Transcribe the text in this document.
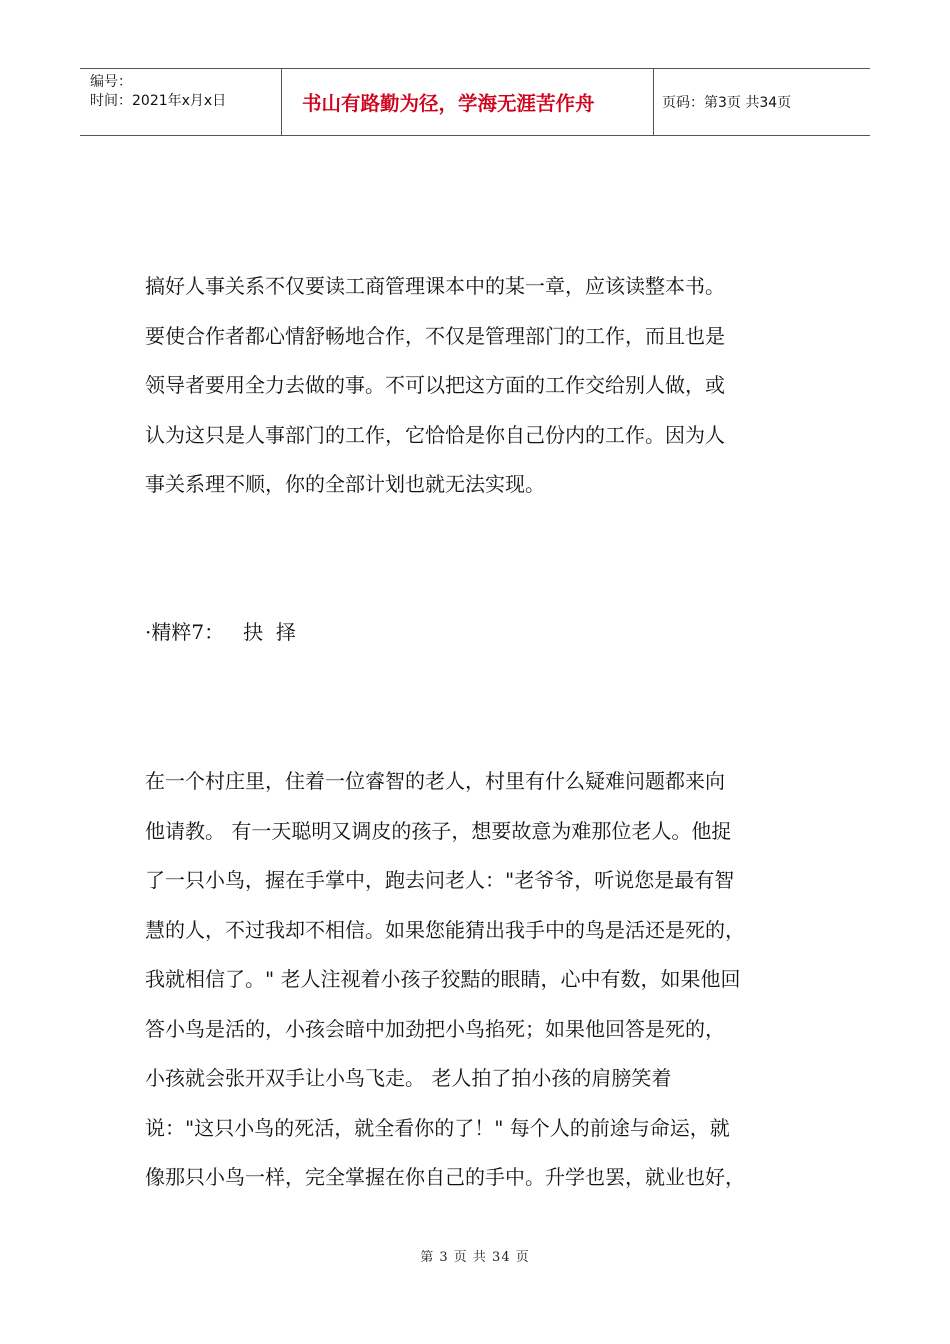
编号：
时间：2021年x月x日	书山有路勤为径，学海无涯苦作舟	页码：第3页 共34页
搞好人事关系不仅要读工商管理课本中的某一章，应该读整本书。
要使合作者都心情舒畅地合作，不仅是管理部门的工作，而且也是
领导者要用全力去做的事。不可以把这方面的工作交给别人做，或
认为这只是人事部门的工作，它恰恰是你自己份内的工作。因为人
事关系理不顺，你的全部计划也就无法实现。
·精粹7：   抉  择
在一个村庄里，住着一位睿智的老人，村里有什么疑难问题都来向
他请教。 有一天聪明又调皮的孩子，想要故意为难那位老人。他捉
了一只小鸟，握在手掌中，跑去问老人："老爷爷，听说您是最有智
慧的人，不过我却不相信。如果您能猜出我手中的鸟是活还是死的，
我就相信了。" 老人注视着小孩子狡黠的眼睛，心中有数，如果他回
答小鸟是活的，小孩会暗中加劲把小鸟掐死；如果他回答是死的，
小孩就会张开双手让小鸟飞走。 老人拍了拍小孩的肩膀笑着
说："这只小鸟的死活，就全看你的了！" 每个人的前途与命运，就
像那只小鸟一样，完全掌握在你自己的手中。升学也罢，就业也好，
第 3 页 共 34 页
